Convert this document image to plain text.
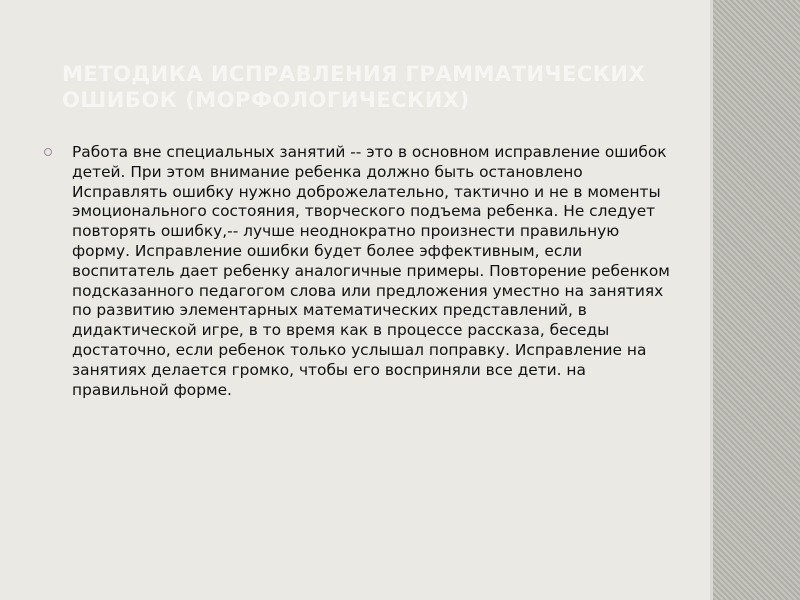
МЕТОДИКА ИСПРАВЛЕНИЯ ГРАММАТИЧЕСКИХ ОШИБОК (МОРФОЛОГИЧЕСКИХ)
Работа вне специальных занятий -- это в основном исправление ошибок детей. При этом внимание ребенка должно быть остановлено Исправлять ошибку нужно доброжелательно, тактично и не в моменты эмоционального состояния, творческого подъема ребенка. Не следует повторять ошибку,-- лучше неоднократно произнести правильную форму. Исправление ошибки будет более эффективным, если воспитатель дает ребенку аналогичные примеры. Повторение ребенком подсказанного педагогом слова или предложения уместно на занятиях по развитию элементарных математических представлений, в дидактической игре, в то время как в процессе рассказа, беседы достаточно, если ребенок только услышал поправку. Исправление на занятиях делается громко, чтобы его восприняли все дети. на правильной форме.
